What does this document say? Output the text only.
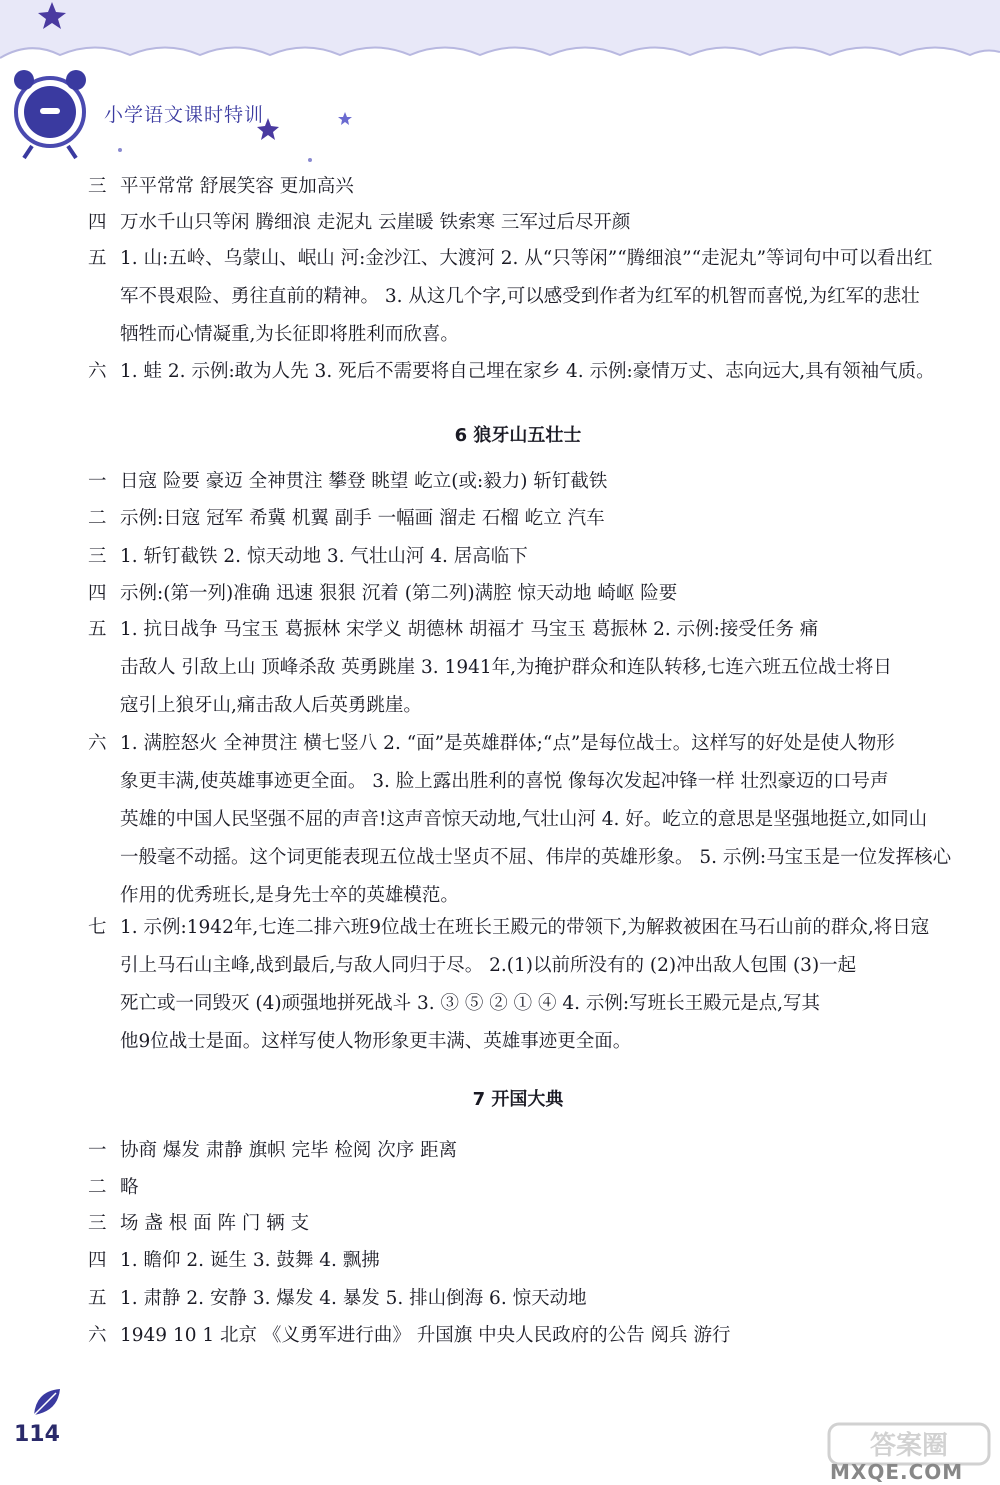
小学语文课时特训
三 平平常常 舒展笑容 更加高兴
四 万水千山只等闲 腾细浪 走泥丸 云崖暖 铁索寒 三军过后尽开颜
五 1. 山:五岭、乌蒙山、岷山 河:金沙江、大渡河 2. 从“只等闲”“腾细浪”“走泥丸”等词句中可以看出红
军不畏艰险、勇往直前的精神。 3. 从这几个字,可以感受到作者为红军的机智而喜悦,为红军的悲壮
牺牲而心情凝重,为长征即将胜利而欣喜。
六 1. 蛙 2. 示例:敢为人先 3. 死后不需要将自己埋在家乡 4. 示例:豪情万丈、志向远大,具有领袖气质。
6 狼牙山五壮士
一 日寇 险要 豪迈 全神贯注 攀登 眺望 屹立(或:毅力) 斩钉截铁
二 示例:日寇 冠军 希冀 机翼 副手 一幅画 溜走 石榴 屹立 汽车
三 1. 斩钉截铁 2. 惊天动地 3. 气壮山河 4. 居高临下
四 示例:(第一列)准确 迅速 狠狠 沉着 (第二列)满腔 惊天动地 崎岖 险要
五 1. 抗日战争 马宝玉 葛振林 宋学义 胡德林 胡福才 马宝玉 葛振林 2. 示例:接受任务 痛
击敌人 引敌上山 顶峰杀敌 英勇跳崖 3. 1941年,为掩护群众和连队转移,七连六班五位战士将日
寇引上狼牙山,痛击敌人后英勇跳崖。
六 1. 满腔怒火 全神贯注 横七竖八 2. “面”是英雄群体;“点”是每位战士。这样写的好处是使人物形
象更丰满,使英雄事迹更全面。 3. 脸上露出胜利的喜悦 像每次发起冲锋一样 壮烈豪迈的口号声
英雄的中国人民坚强不屈的声音!这声音惊天动地,气壮山河 4. 好。屹立的意思是坚强地挺立,如同山
一般毫不动摇。这个词更能表现五位战士坚贞不屈、伟岸的英雄形象。 5. 示例:马宝玉是一位发挥核心
作用的优秀班长,是身先士卒的英雄模范。
七 1. 示例:1942年,七连二排六班9位战士在班长王殿元的带领下,为解救被困在马石山前的群众,将日寇
引上马石山主峰,战到最后,与敌人同归于尽。 2.(1)以前所没有的 (2)冲出敌人包围 (3)一起
死亡或一同毁灭 (4)顽强地拼死战斗 3. ③ ⑤ ② ① ④ 4. 示例:写班长王殿元是点,写其
他9位战士是面。这样写使人物形象更丰满、英雄事迹更全面。
7 开国大典
一 协商 爆发 肃静 旗帜 完毕 检阅 次序 距离
二 略
三 场 盏 根 面 阵 门 辆 支
四 1. 瞻仰 2. 诞生 3. 鼓舞 4. 飘拂
五 1. 肃静 2. 安静 3. 爆发 4. 暴发 5. 排山倒海 6. 惊天动地
六 1949 10 1 北京 《义勇军进行曲》 升国旗 中央人民政府的公告 阅兵 游行
114	答案圈
MXQE.COM
